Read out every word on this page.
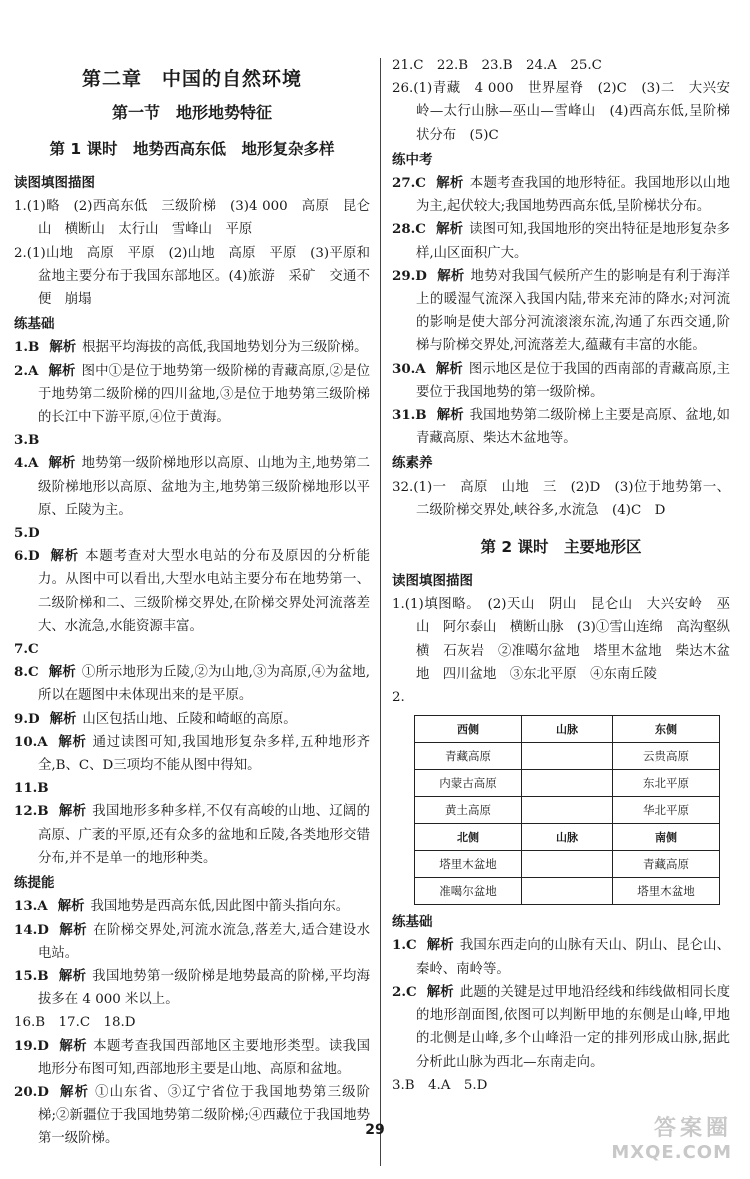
第二章　中国的自然环境
第一节　地形地势特征
第 1 课时　地势西高东低　地形复杂多样
读图填图描图
1.(1)略　(2)西高东低　三级阶梯　(3)4 000　高原　昆仑山　横断山　太行山　雪峰山　平原
2.(1)山地　高原　平原　(2)山地　高原　平原　(3)平原和盆地主要分布于我国东部地区。(4)旅游　采矿　交通不便　崩塌
练基础
1.B 解析 根据平均海拔的高低,我国地势划分为三级阶梯。
2.A 解析 图中①是位于地势第一级阶梯的青藏高原,②是位于地势第二级阶梯的四川盆地,③是位于地势第三级阶梯的长江中下游平原,④位于黄海。
3.B
4.A 解析 地势第一级阶梯地形以高原、山地为主,地势第二级阶梯地形以高原、盆地为主,地势第三级阶梯地形以平原、丘陵为主。
5.D
6.D 解析 本题考查对大型水电站的分布及原因的分析能力。从图中可以看出,大型水电站主要分布在地势第一、二级阶梯和二、三级阶梯交界处,在阶梯交界处河流落差大、水流急,水能资源丰富。
7.C
8.C 解析 ①所示地形为丘陵,②为山地,③为高原,④为盆地,所以在题图中未体现出来的是平原。
9.D 解析 山区包括山地、丘陵和崎岖的高原。
10.A 解析 通过读图可知,我国地形复杂多样,五种地形齐全,B、C、D三项均不能从图中得知。
11.B
12.B 解析 我国地形多种多样,不仅有高峻的山地、辽阔的高原、广袤的平原,还有众多的盆地和丘陵,各类地形交错分布,并不是单一的地形种类。
练提能
13.A 解析 我国地势是西高东低,因此图中箭头指向东。
14.D 解析 在阶梯交界处,河流水流急,落差大,适合建设水电站。
15.B 解析 我国地势第一级阶梯是地势最高的阶梯,平均海拔多在 4 000 米以上。
16.B　17.C　18.D
19.D 解析 本题考查我国西部地区主要地形类型。读我国地形分布图可知,西部地形主要是山地、高原和盆地。
20.D 解析 ①山东省、③辽宁省位于我国地势第三级阶梯;②新疆位于我国地势第二级阶梯;④西藏位于我国地势第一级阶梯。
21.C　22.B　23.B　24.A　25.C
26.(1)青藏　4 000　世界屋脊　(2)C　(3)二　大兴安岭—太行山脉—巫山—雪峰山　(4)西高东低,呈阶梯状分布　(5)C
练中考
27.C 解析 本题考查我国的地形特征。我国地形以山地为主,起伏较大;我国地势西高东低,呈阶梯状分布。
28.C 解析 读图可知,我国地形的突出特征是地形复杂多样,山区面积广大。
29.D 解析 地势对我国气候所产生的影响是有利于海洋上的暖湿气流深入我国内陆,带来充沛的降水;对河流的影响是使大部分河流滚滚东流,沟通了东西交通,阶梯与阶梯交界处,河流落差大,蕴藏有丰富的水能。
30.A 解析 图示地区是位于我国的西南部的青藏高原,主要位于我国地势的第一级阶梯。
31.B 解析 我国地势第二级阶梯上主要是高原、盆地,如青藏高原、柴达木盆地等。
练素养
32.(1)一　高原　山地　三　(2)D　(3)位于地势第一、二级阶梯交界处,峡谷多,水流急　(4)C　D
第 2 课时　主要地形区
读图填图描图
1.(1)填图略。　(2)天山　阴山　昆仑山　大兴安岭　巫山　阿尔泰山　横断山脉　(3)①雪山连绵　高沟壑纵横　石灰岩　②准噶尔盆地　塔里木盆地　柴达木盆地　四川盆地　③东北平原　④东南丘陵
2.
西侧	山脉	东侧
青藏高原		云贵高原
内蒙古高原		东北平原
黄土高原		华北平原
北侧	山脉	南侧
塔里木盆地		青藏高原
准噶尔盆地		塔里木盆地
练基础
1.C 解析 我国东西走向的山脉有天山、阴山、昆仑山、秦岭、南岭等。
2.C 解析 此题的关键是过甲地沿经线和纬线做相同长度的地形剖面图,依图可以判断甲地的东侧是山峰,甲地的北侧是山峰,多个山峰沿一定的排列形成山脉,据此分析此山脉为西北—东南走向。
3.B　4.A　5.D
29	答案圈
MXQE.COM
